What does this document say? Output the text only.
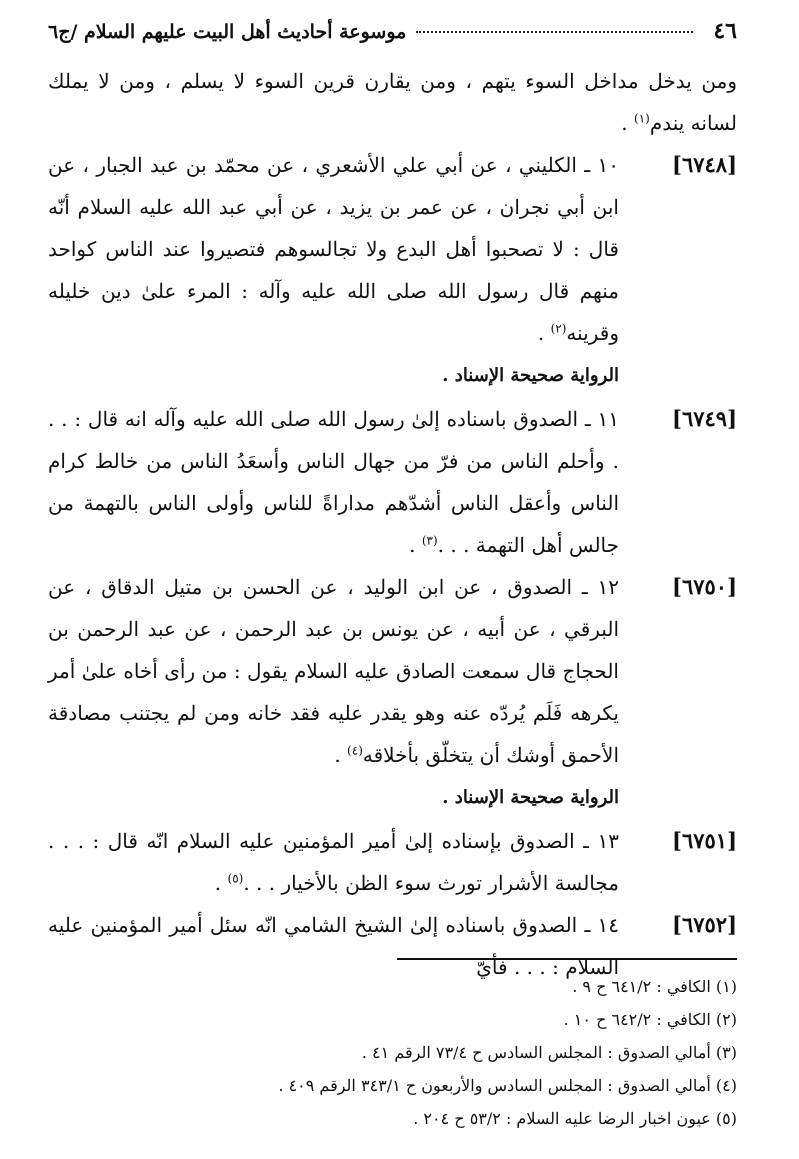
٤٦
موسوعة أحاديث أهل البيت عليهم السلام /ج٦

ومن يدخل مداخل السوء يتهم ، ومن يقارن قرين السوء لا يسلم ، ومن لا يملك لسانه يندم$^{(١)}$ .

[٦٧٤٨]
١٠ ـ الكليني ، عن أبي علي الأشعري ، عن محمّد بن عبد الجبار ، عن ابن أبي نجران ، عن عمر بن يزيد ، عن أبي عبد الله عليه السلام أنّه قال : لا تصحبوا أهل البدع ولا تجالسوهم فتصيروا عند الناس كواحد منهم قال رسول الله صلى الله عليه وآله : المرء علىٰ دين خليله وقرينه$^{(٢)}$ .

الرواية صحيحة الإسناد .

[٦٧٤٩]
١١ ـ الصدوق باسناده إلىٰ رسول الله صلى الله عليه وآله انه قال : . . . وأحلم الناس من فرّ من جهال الناس وأسعَدُ الناس من خالط كرام الناس وأعقل الناس أشدّهم مداراةً للناس وأولى الناس بالتهمة من جالس أهل التهمة . . .$^{(٣)}$ .
[٦٧٥٠]
١٢ ـ الصدوق ، عن ابن الوليد ، عن الحسن بن متيل الدقاق ، عن البرقي ، عن أبيه ، عن يونس بن عبد الرحمن ، عن عبد الرحمن بن الحجاج قال سمعت الصادق عليه السلام يقول : من رأى أخاه علىٰ أمر يكرهه فَلَم يُردّه عنه وهو يقدر عليه فقد خانه ومن لم يجتنب مصادقة الأحمق أوشك أن يتخلّق بأخلاقه$^{(٤)}$ .

الرواية صحيحة الإسناد .

[٦٧٥١]
١٣ ـ الصدوق بإسناده إلىٰ أمير المؤمنين عليه السلام انّه قال : . . . مجالسة الأشرار تورث سوء الظن بالأخيار . . .$^{(٥)}$ .
[٦٧٥٢]
١٤ ـ الصدوق باسناده إلىٰ الشيخ الشامي انّه سئل أمير المؤمنين عليه السلام : . . . فأيّ
(١) الكافي : ٦٤١/٢ ح ٩ .
(٢) الكافي : ٦٤٢/٢ ح ١٠ .
(٣) أمالي الصدوق : المجلس السادس ح ٧٣/٤ الرقم ٤١ .
(٤) أمالي الصدوق : المجلس السادس والأربعون ح ٣٤٣/١ الرقم ٤٠٩ .
(٥) عيون اخبار الرضا عليه السلام : ٥٣/٢ ح ٢٠٤ .
